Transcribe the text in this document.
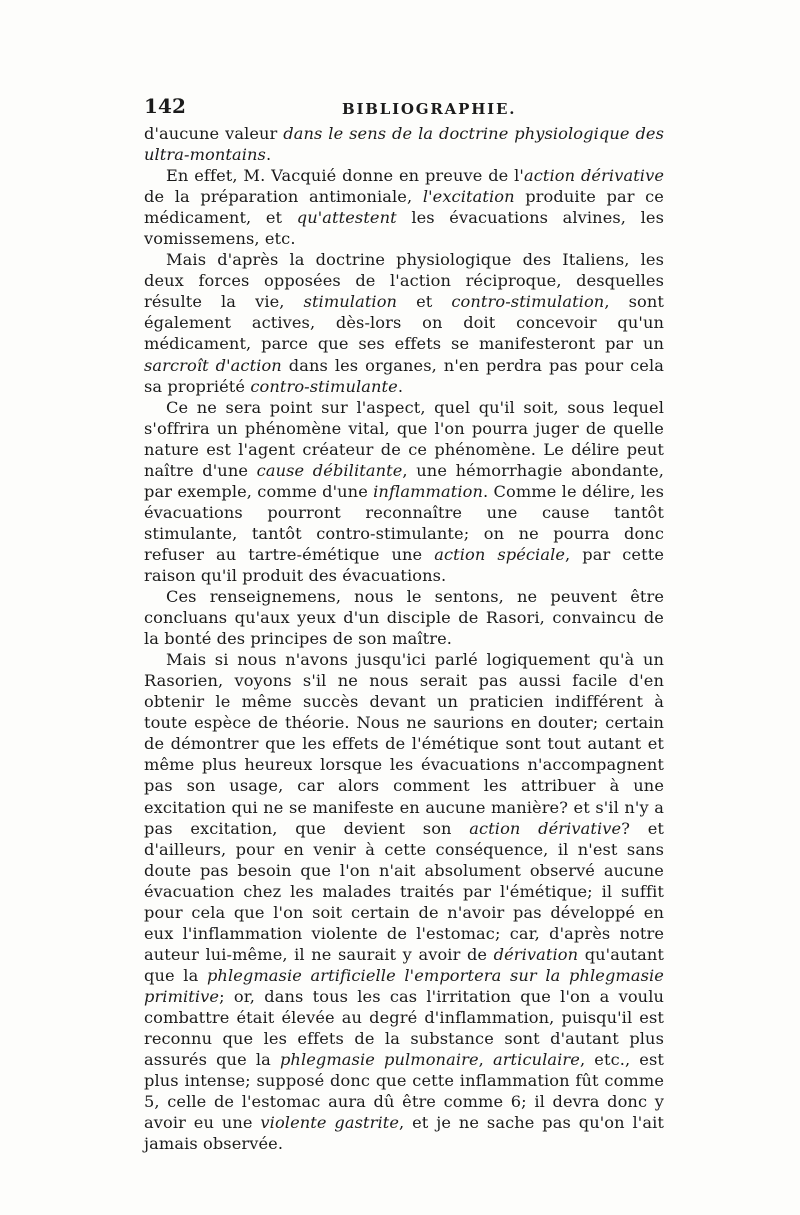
142	BIBLIOGRAPHIE.

d'aucune valeur dans le sens de la doctrine physiologique des ultra-montains.

En effet, M. Vacquié donne en preuve de l'action dérivative de la préparation antimoniale, l'excitation produite par ce médicament, et qu'attestent les évacuations alvines, les vomissemens, etc.

Mais d'après la doctrine physiologique des Italiens, les deux forces opposées de l'action réciproque, desquelles résulte la vie, stimulation et contro-stimulation, sont également actives, dès-lors on doit concevoir qu'un médicament, parce que ses effets se manifesteront par un sarcroît d'action dans les organes, n'en perdra pas pour cela sa propriété contro-stimulante.

Ce ne sera point sur l'aspect, quel qu'il soit, sous lequel s'offrira un phénomène vital, que l'on pourra juger de quelle nature est l'agent créateur de ce phénomène. Le délire peut naître d'une cause débilitante, une hémorrhagie abondante, par exemple, comme d'une inflammation. Comme le délire, les évacuations pourront reconnaître une cause tantôt stimulante, tantôt contro-stimulante; on ne pourra donc refuser au tartre-émétique une action spéciale, par cette raison qu'il produit des évacuations.

Ces renseignemens, nous le sentons, ne peuvent être concluans qu'aux yeux d'un disciple de Rasori, convaincu de la bonté des principes de son maître.

Mais si nous n'avons jusqu'ici parlé logiquement qu'à un Rasorien, voyons s'il ne nous serait pas aussi facile d'en obtenir le même succès devant un praticien indifférent à toute espèce de théorie. Nous ne saurions en douter; certain de démontrer que les effets de l'émétique sont tout autant et même plus heureux lorsque les évacuations n'accompagnent pas son usage, car alors comment les attribuer à une excitation qui ne se manifeste en aucune manière? et s'il n'y a pas excitation, que devient son action dérivative? et d'ailleurs, pour en venir à cette conséquence, il n'est sans doute pas besoin que l'on n'ait absolument observé aucune évacuation chez les malades traités par l'émétique; il suffit pour cela que l'on soit certain de n'avoir pas développé en eux l'inflammation violente de l'estomac; car, d'après notre auteur lui-même, il ne saurait y avoir de dérivation qu'autant que la phlegmasie artificielle l'emportera sur la phlegmasie primitive; or, dans tous les cas l'irritation que l'on a voulu combattre était élevée au degré d'inflammation, puisqu'il est reconnu que les effets de la substance sont d'autant plus assurés que la phlegmasie pulmonaire, articulaire, etc., est plus intense; supposé donc que cette inflammation fût comme 5, celle de l'estomac aura dû être comme 6; il devra donc y avoir eu une violente gastrite, et je ne sache pas qu'on l'ait jamais observée.
